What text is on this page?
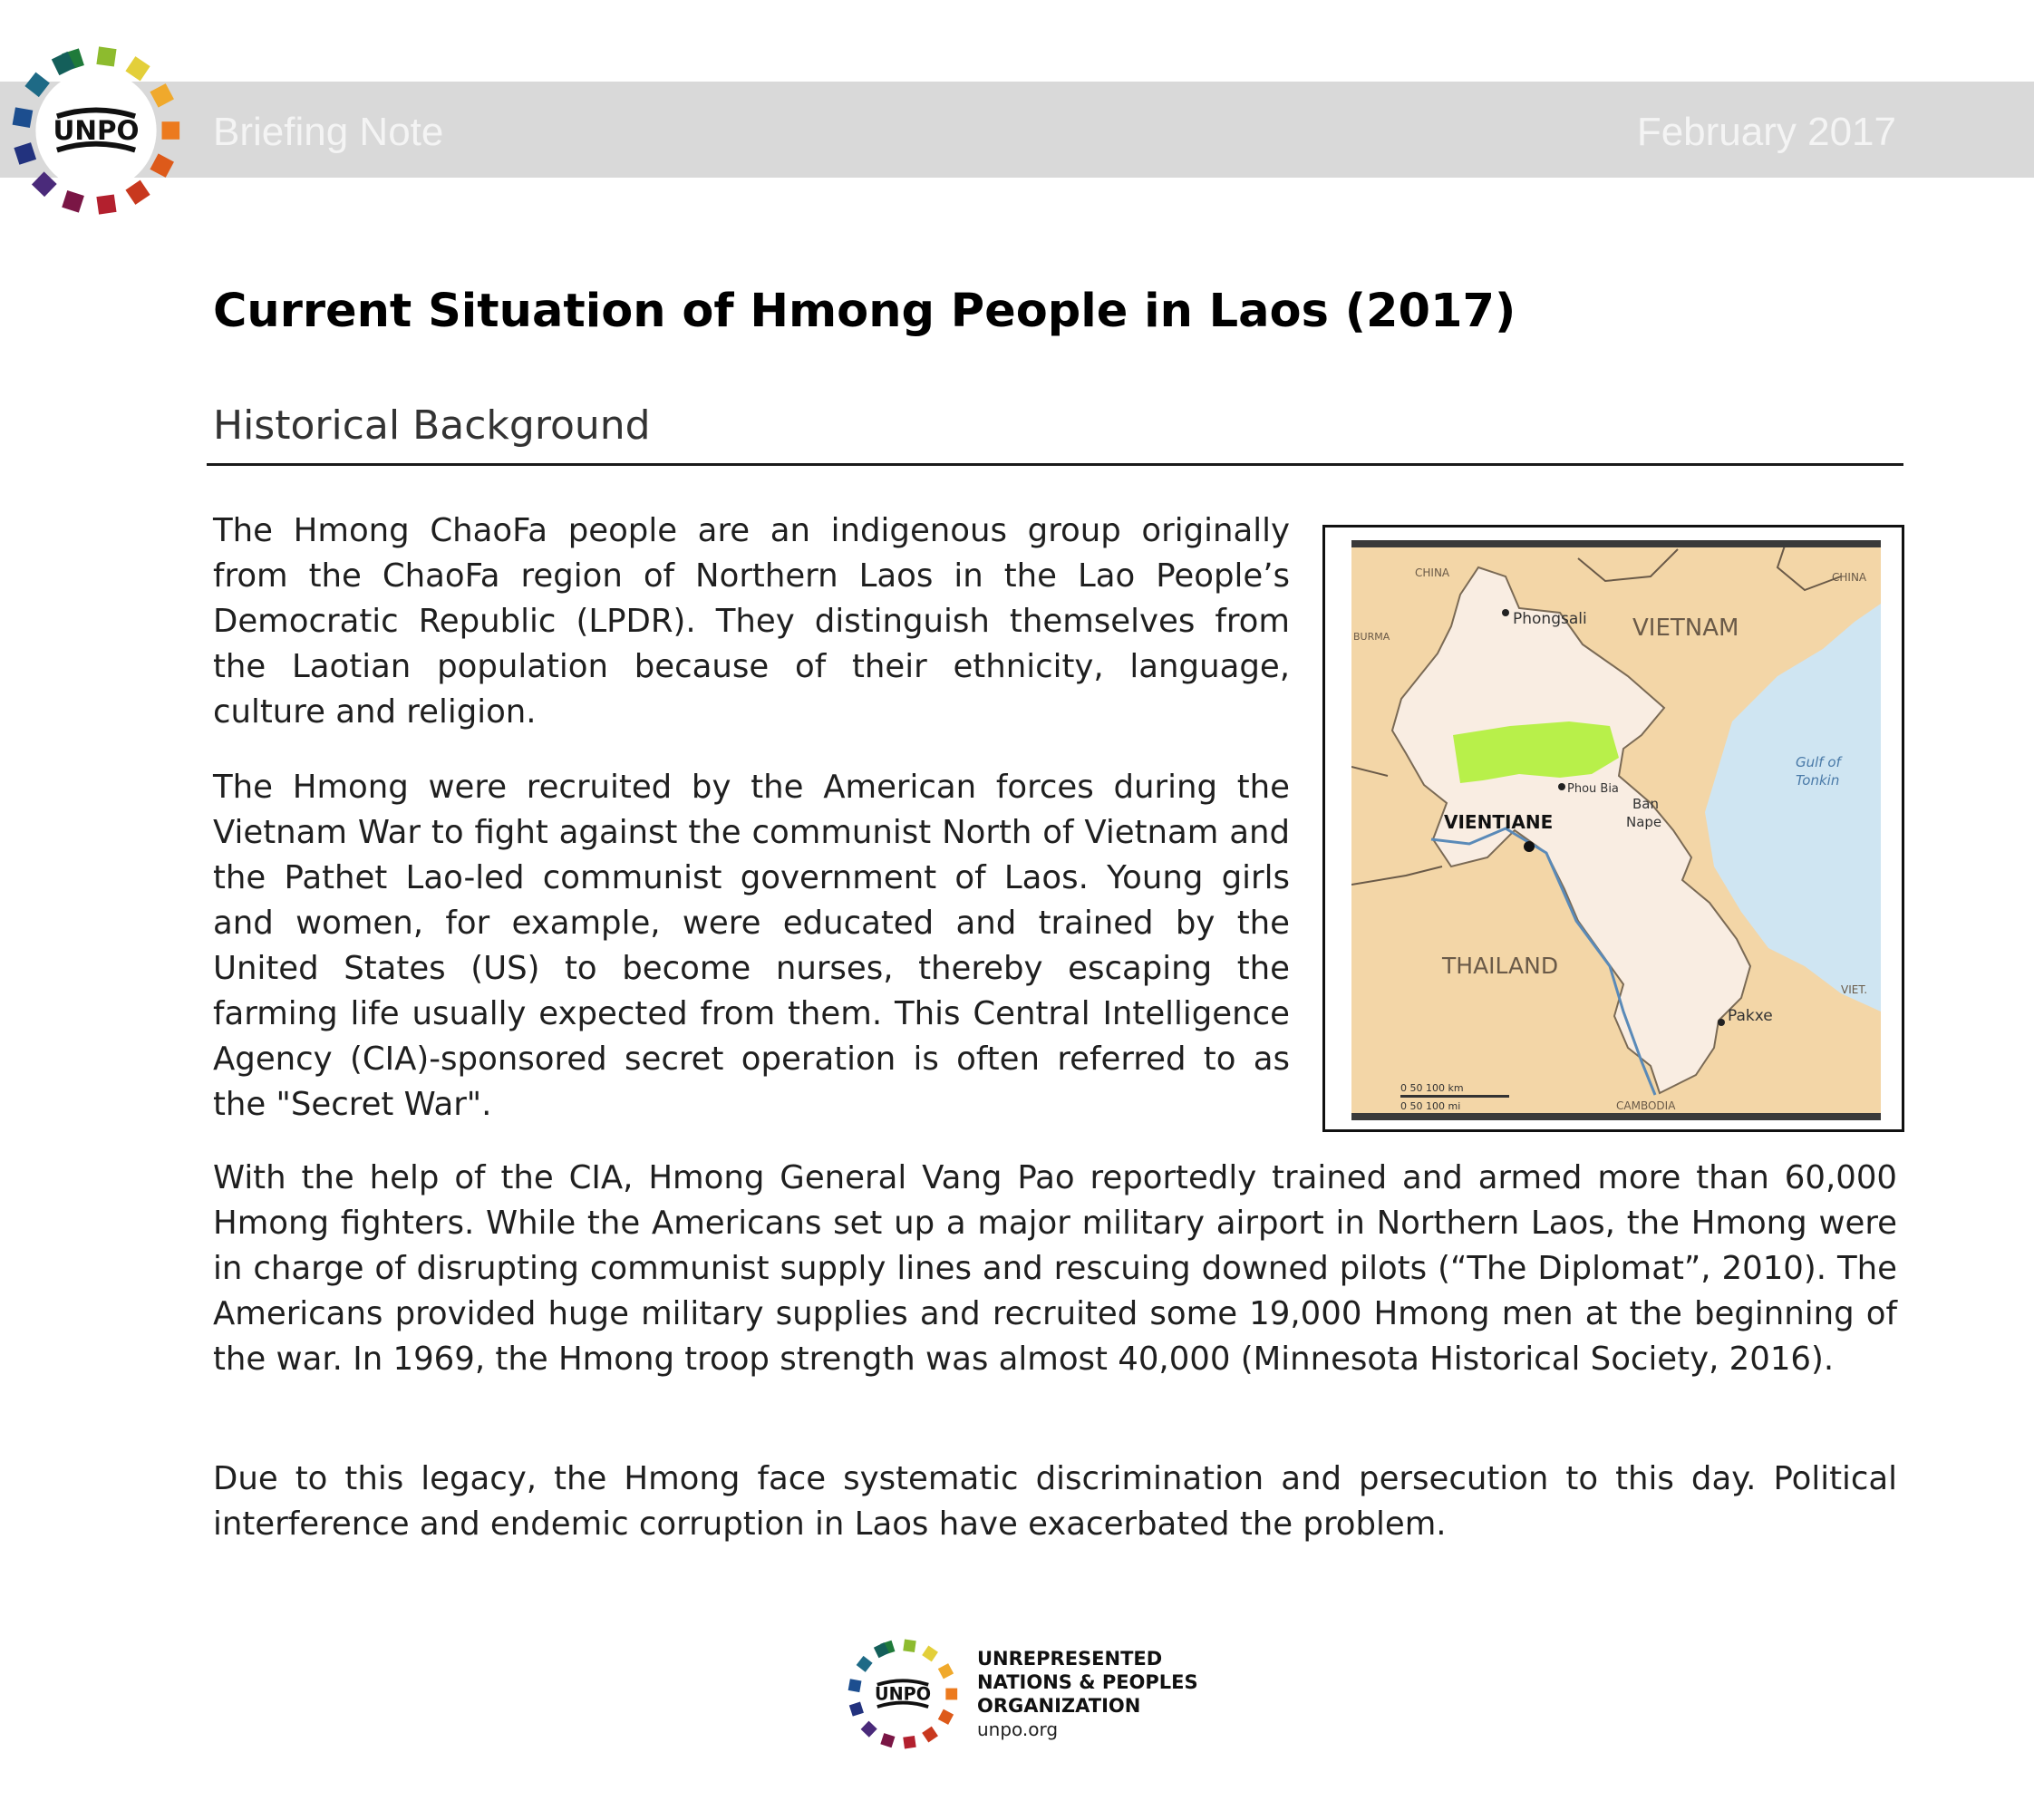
Briefing Note	February 2017
UNPO
Current Situation of Hmong People in Laos (2017)
Historical Background

The Hmong ChaoFa people are an indigenous group originally from the ChaoFa region of Northern Laos in the Lao People’s Democratic Republic (LPDR). They distinguish themselves from the Laotian population because of their ethnicity, language, culture and religion.

The Hmong were recruited by the American forces during the Vietnam War to fight against the communist North of Vietnam and the Pathet Lao-led communist government of Laos. Young girls and women, for example, were educated and trained by the United States (US) to become nurses, thereby escaping the farming life usually expected from them. This Central Intelligence Agency (CIA)-sponsored secret operation is often referred to as the "Secret War".

With the help of the CIA, Hmong General Vang Pao reportedly trained and armed more than 60,000 Hmong fighters. While the Americans set up a major military airport in Northern Laos, the Hmong were in charge of disrupting communist supply lines and rescuing downed pilots (“The Diplomat”, 2010). The Americans provided huge military supplies and recruited some 19,000 Hmong men at the beginning of the war. In 1969, the Hmong troop strength was almost 40,000 (Minnesota Historical Society, 2016).

Due to this legacy, the Hmong face systematic discrimination and persecution to this day. Political interference and endemic corruption in Laos have exacerbated the problem.

CHINA	CHINA
BURMA	VIETNAM
Phongsali
VIENTIANE
Phou Bia
Ban
Nape
THAILAND
Pakxe
Gulf of
Tonkin
VIET.
CAMBODIA
0 50 100 km
0 50 100 mi
UNPO
UNREPRESENTED
NATIONS & PEOPLES
ORGANIZATION
unpo.org
